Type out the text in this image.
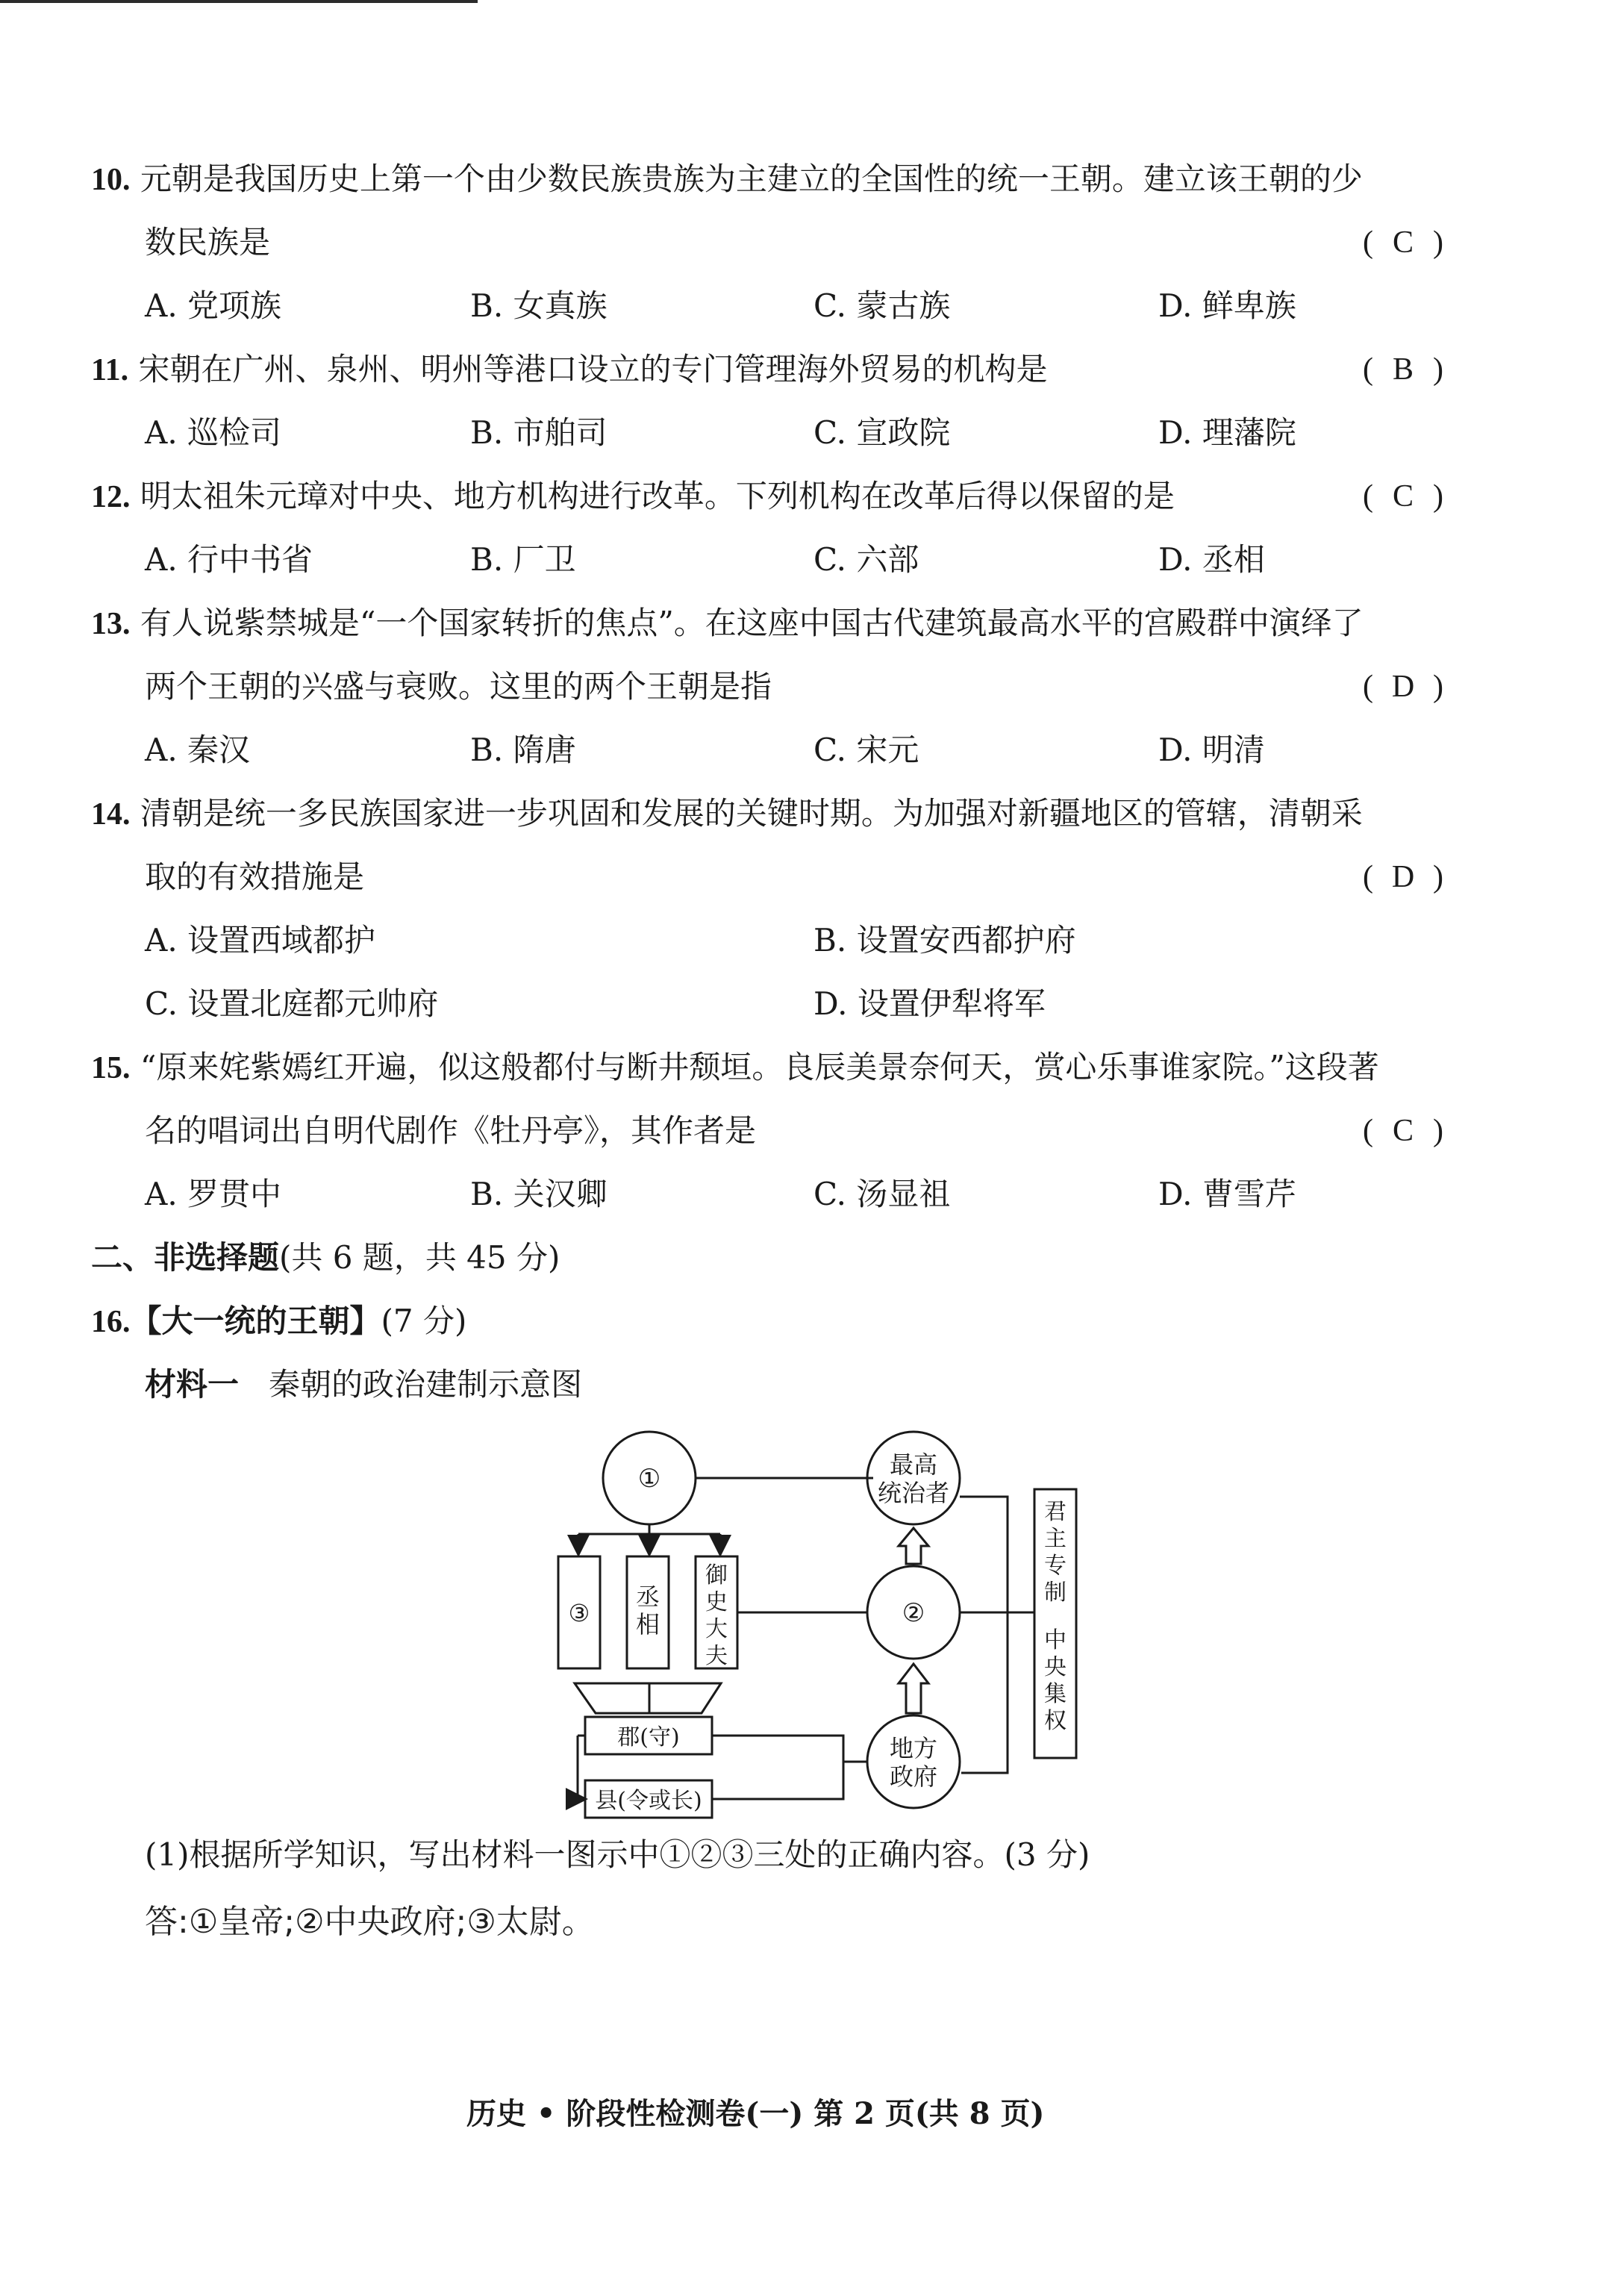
10. 元朝是我国历史上第一个由少数民族贵族为主建立的全国性的统一王朝。建立该王朝的少
数民族是	( C )
A. 党项族	B. 女真族	C. 蒙古族	D. 鲜卑族
11. 宋朝在广州、泉州、明州等港口设立的专门管理海外贸易的机构是	( B )
A. 巡检司	B. 市舶司	C. 宣政院	D. 理藩院
12. 明太祖朱元璋对中央、地方机构进行改革。下列机构在改革后得以保留的是	( C )
A. 行中书省	B. 厂卫	C. 六部	D. 丞相
13. 有人说紫禁城是“一个国家转折的焦点”。在这座中国古代建筑最高水平的宫殿群中演绎了
两个王朝的兴盛与衰败。这里的两个王朝是指	( D )
A. 秦汉	B. 隋唐	C. 宋元	D. 明清
14. 清朝是统一多民族国家进一步巩固和发展的关键时期。为加强对新疆地区的管辖，清朝采
取的有效措施是	( D )
A. 设置西域都护	B. 设置安西都护府
C. 设置北庭都元帅府	D. 设置伊犁将军
15. “原来姹紫嫣红开遍，似这般都付与断井颓垣。良辰美景奈何天，赏心乐事谁家院。”这段著
名的唱词出自明代剧作《牡丹亭》，其作者是	( C )
A. 罗贯中	B. 关汉卿	C. 汤显祖	D. 曹雪芹
二、非选择题(共 6 题，共 45 分)
16.【大一统的王朝】(7 分)
材料一 秦朝的政治建制示意图
①	最高
统治者
③
丞
相
御
史
大
夫
②
地方
政府
郡(守)
县(令或长)
君
主
专
制
中
央
集
权
(1)根据所学知识，写出材料一图示中①②③三处的正确内容。(3 分)
答:①皇帝;②中央政府;③太尉。
历史 • 阶段性检测卷(一) 第 2 页(共 8 页)
